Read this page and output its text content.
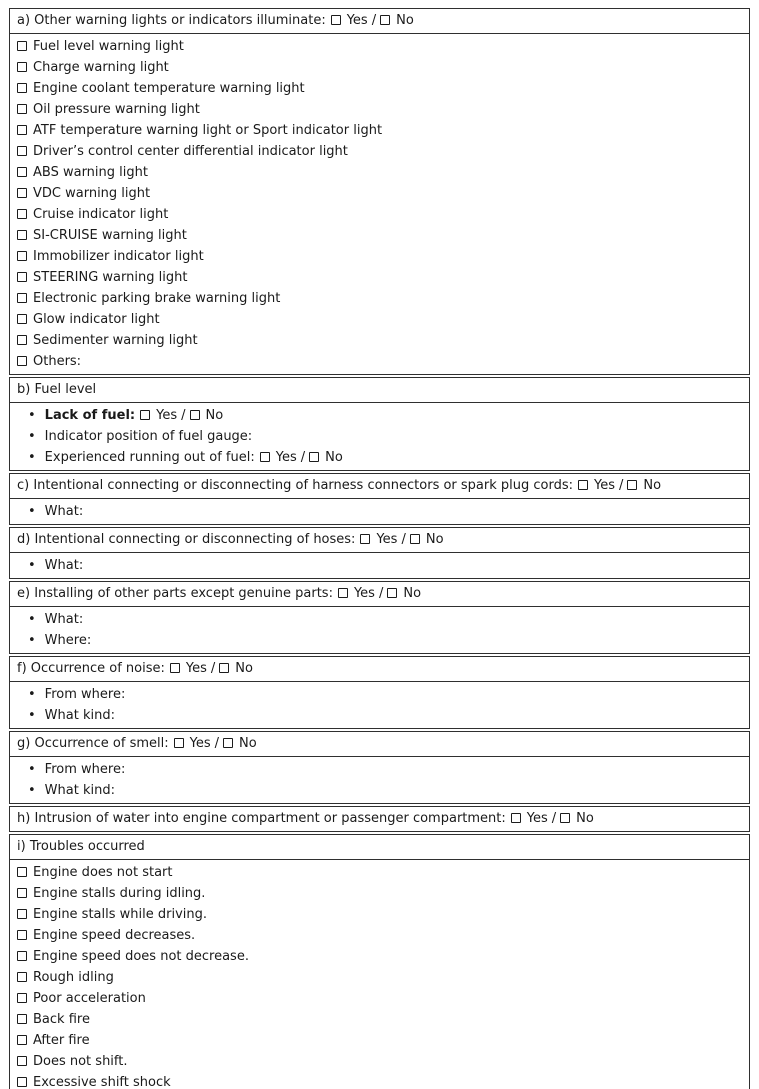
a) Other warning lights or indicators illuminate: Yes / No
Fuel level warning light
Charge warning light
Engine coolant temperature warning light
Oil pressure warning light
ATF temperature warning light or Sport indicator light
Driver’s control center differential indicator light
ABS warning light
VDC warning light
Cruise indicator light
SI-CRUISE warning light
Immobilizer indicator light
STEERING warning light
Electronic parking brake warning light
Glow indicator light
Sedimenter warning light
Others:
b) Fuel level
• Lack of fuel: Yes / No
• Indicator position of fuel gauge:
• Experienced running out of fuel: Yes / No
c) Intentional connecting or disconnecting of harness connectors or spark plug cords: Yes / No
• What:
d) Intentional connecting or disconnecting of hoses: Yes / No
• What:
e) Installing of other parts except genuine parts: Yes / No
• What:
• Where:
f) Occurrence of noise: Yes / No
• From where:
• What kind:
g) Occurrence of smell: Yes / No
• From where:
• What kind:
h) Intrusion of water into engine compartment or passenger compartment: Yes / No
i) Troubles occurred
Engine does not start
Engine stalls during idling.
Engine stalls while driving.
Engine speed decreases.
Engine speed does not decrease.
Rough idling
Poor acceleration
Back fire
After fire
Does not shift.
Excessive shift shock
